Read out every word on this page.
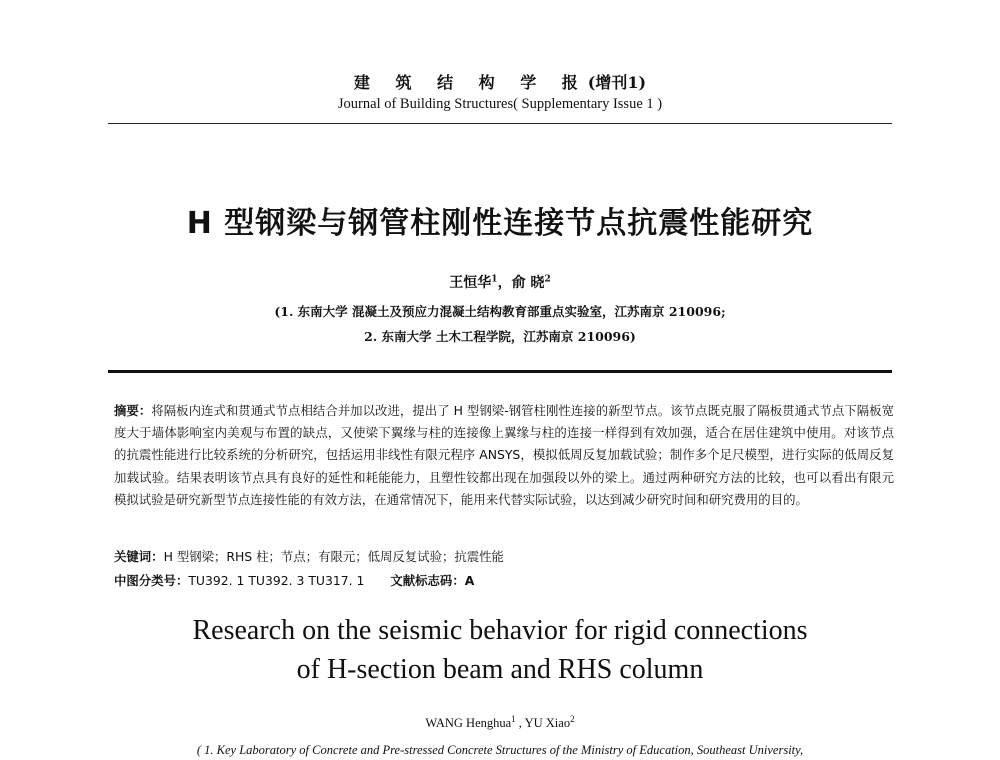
建 筑 结 构 学 报(增刊1)
Journal of Building Structures( Supplementary Issue 1 )
H 型钢梁与钢管柱刚性连接节点抗震性能研究
王恒华$^1$，俞 晓$^2$
(1. 东南大学 混凝土及预应力混凝土结构教育部重点实验室，江苏南京 210096;
2. 东南大学 土木工程学院，江苏南京 210096)
摘要：将隔板内连式和贯通式节点相结合并加以改进，提出了 H 型钢梁-钢管柱刚性连接的新型节点。该节点既克服了隔板贯通式节点下隔板宽度大于墙体影响室内美观与布置的缺点，又使梁下翼缘与柱的连接像上翼缘与柱的连接一样得到有效加强，适合在居住建筑中使用。对该节点的抗震性能进行比较系统的分析研究，包括运用非线性有限元程序 ANSYS，模拟低周反复加载试验；制作多个足尺模型，进行实际的低周反复加载试验。结果表明该节点具有良好的延性和耗能能力，且塑性铰都出现在加强段以外的梁上。通过两种研究方法的比较，也可以看出有限元模拟试验是研究新型节点连接性能的有效方法，在通常情况下，能用来代替实际试验，以达到减少研究时间和研究费用的目的。
关键词：H 型钢梁；RHS 柱；节点；有限元；低周反复试验；抗震性能
中图分类号：TU392. 1 TU392. 3 TU317. 1 文献标志码：A
Research on the seismic behavior for rigid connections
of H-section beam and RHS column
WANG Henghua$^1$ , YU Xiao$^2$
( 1. Key Laboratory of Concrete and Pre-stressed Concrete Structures of the Ministry of Education, Southeast University,
